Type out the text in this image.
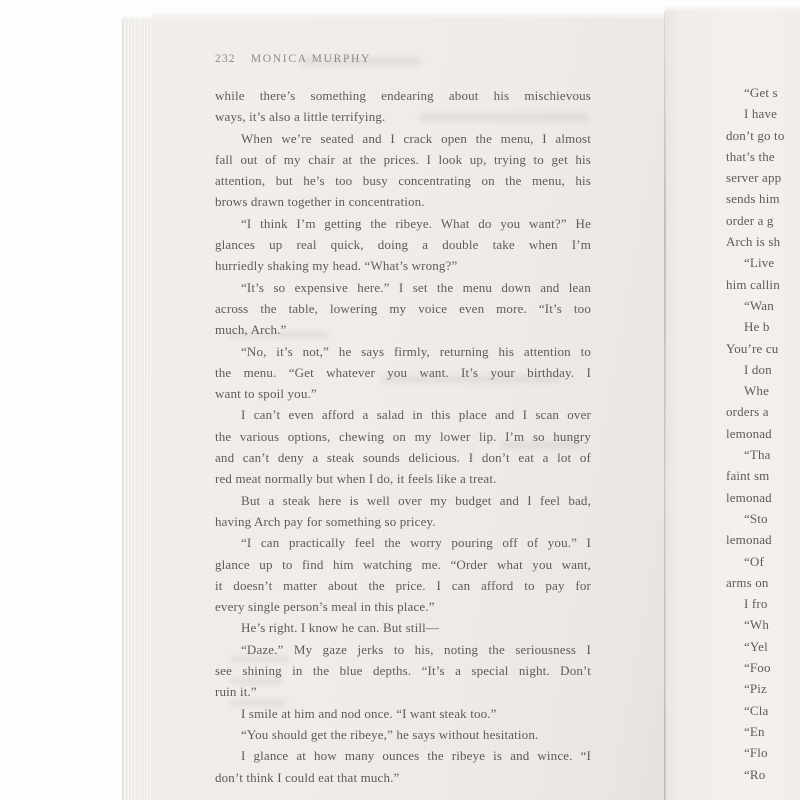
232 MONICA MURPHY
while there’s something endearing about his mischievous
ways, it’s also a little terrifying.
When we’re seated and I crack open the menu, I almost
fall out of my chair at the prices. I look up, trying to get his
attention, but he’s too busy concentrating on the menu, his
brows drawn together in concentration.
“I think I’m getting the ribeye. What do you want?” He
glances up real quick, doing a double take when I’m
hurriedly shaking my head. “What’s wrong?”
“It’s so expensive here.” I set the menu down and lean
across the table, lowering my voice even more. “It’s too
much, Arch.”
“No, it’s not,” he says firmly, returning his attention to
the menu. “Get whatever you want. It’s your birthday. I
want to spoil you.”
I can’t even afford a salad in this place and I scan over
the various options, chewing on my lower lip. I’m so hungry
and can’t deny a steak sounds delicious. I don’t eat a lot of
red meat normally but when I do, it feels like a treat.
But a steak here is well over my budget and I feel bad,
having Arch pay for something so pricey.
“I can practically feel the worry pouring off of you.” I
glance up to find him watching me. “Order what you want,
it doesn’t matter about the price. I can afford to pay for
every single person’s meal in this place.”
He’s right. I know he can. But still—
“Daze.” My gaze jerks to his, noting the seriousness I
see shining in the blue depths. “It’s a special night. Don’t
ruin it.”
I smile at him and nod once. “I want steak too.”
“You should get the ribeye,” he says without hesitation.
I glance at how many ounces the ribeye is and wince. “I
don’t think I could eat that much.”
“Get s
I have
don’t go to
that’s the
server app
sends him
order a g
Arch is sh
“Live
him callin
“Wan
He b
You’re cu
I don
Whe
orders a
lemonad
“Tha
faint sm
lemonad
“Sto
lemonad
“Of
arms on
I fro
“Wh
“Yel
“Foo
“Piz
“Cla
“En
“Flo
“Ro
